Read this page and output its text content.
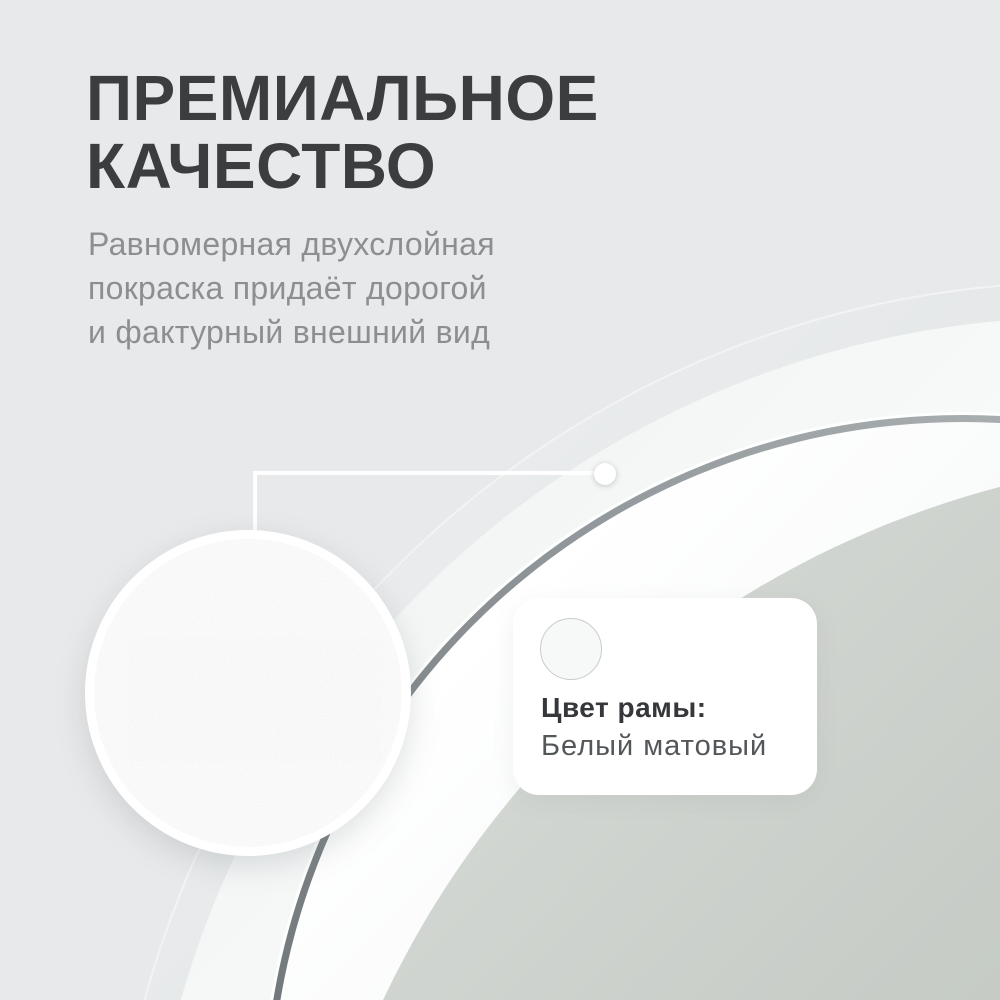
ПРЕМИАЛЬНОЕ
КАЧЕСТВО

Равномерная двухслойная
покраска придаёт дорогой
и фактурный внешний вид

Цвет рамы:
Белый матовый
